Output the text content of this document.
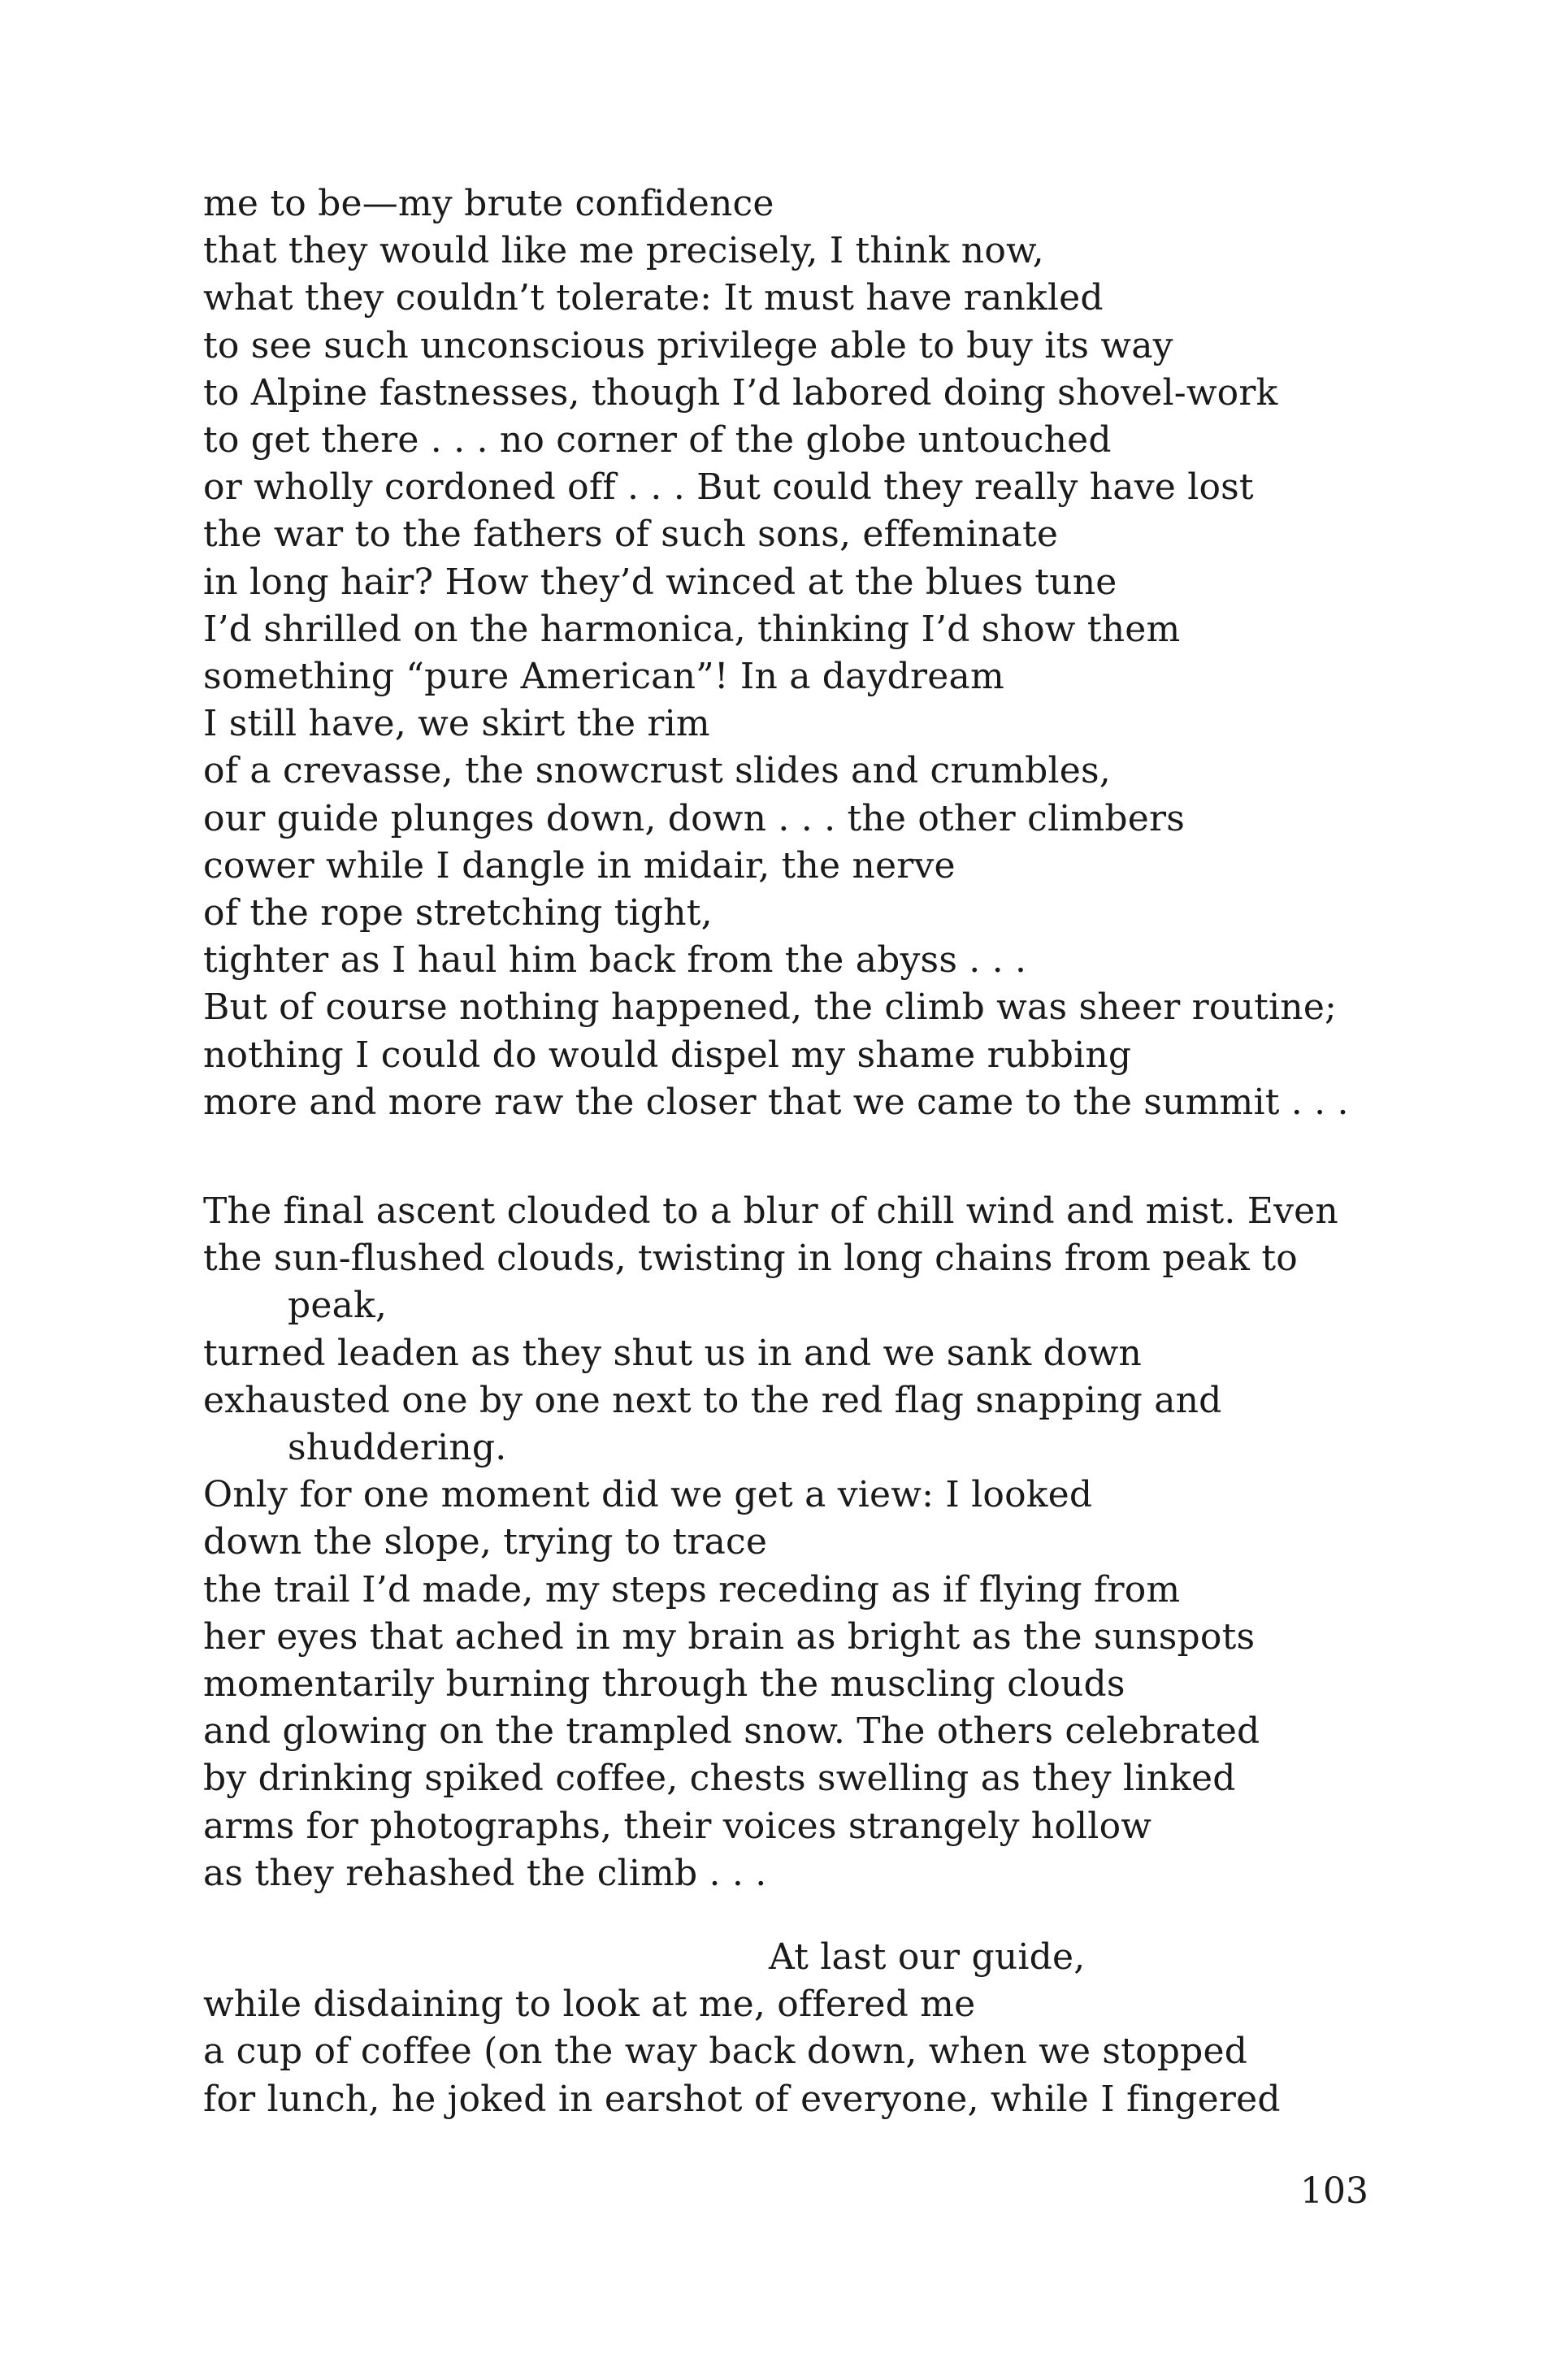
me to be—my brute confidence
that they would like me precisely, I think now,
what they couldn’t tolerate: It must have rankled
to see such unconscious privilege able to buy its way
to Alpine fastnesses, though I’d labored doing shovel-work
to get there . . . no corner of the globe untouched
or wholly cordoned off . . . But could they really have lost
the war to the fathers of such sons, effeminate
in long hair? How they’d winced at the blues tune
I’d shrilled on the harmonica, thinking I’d show them
something “pure American”! In a daydream
I still have, we skirt the rim
of a crevasse, the snowcrust slides and crumbles,
our guide plunges down, down . . . the other climbers
cower while I dangle in midair, the nerve
of the rope stretching tight,
tighter as I haul him back from the abyss . . .
But of course nothing happened, the climb was sheer routine;
nothing I could do would dispel my shame rubbing
more and more raw the closer that we came to the summit . . .
The final ascent clouded to a blur of chill wind and mist. Even
the sun-flushed clouds, twisting in long chains from peak to
peak,
turned leaden as they shut us in and we sank down
exhausted one by one next to the red flag snapping and
shuddering.
Only for one moment did we get a view: I looked
down the slope, trying to trace
the trail I’d made, my steps receding as if flying from
her eyes that ached in my brain as bright as the sunspots
momentarily burning through the muscling clouds
and glowing on the trampled snow. The others celebrated
by drinking spiked coffee, chests swelling as they linked
arms for photographs, their voices strangely hollow
as they rehashed the climb . . .
At last our guide,
while disdaining to look at me, offered me
a cup of coffee (on the way back down, when we stopped
for lunch, he joked in earshot of everyone, while I fingered
103
